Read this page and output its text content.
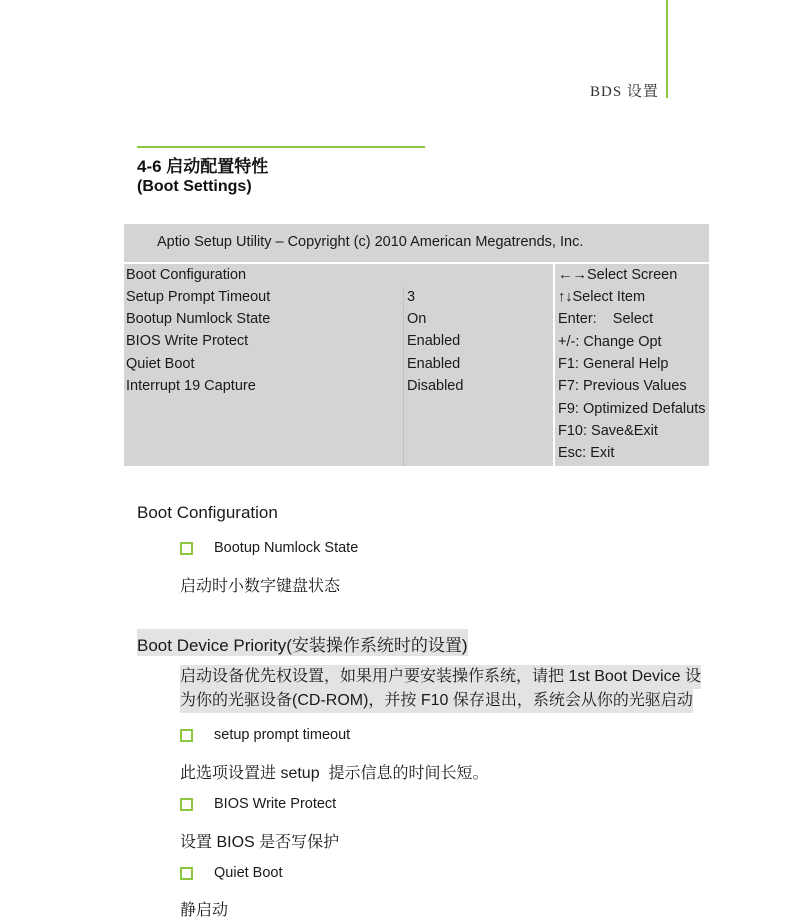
BDS 设置
4-6 启动配置特性
(Boot Settings)
Aptio Setup Utility – Copyright (c) 2010 American Megatrends, Inc.
Boot Configuration
Setup Prompt Timeout	3
Bootup Numlock State	On
BIOS Write Protect	Enabled
Quiet Boot	Enabled
Interrupt 19 Capture	Disabled
←→Select Screen
↑↓Select Item
Enter:    Select
+/-: Change Opt
F1: General Help
F7: Previous Values
F9: Optimized Defaluts
F10: Save&Exit
Esc: Exit
Boot Configuration
Bootup Numlock State
启动时小数字键盘状态
Boot Device Priority(安装操作系统时的设置)
启动设备优先权设置，如果用户要安装操作系统，请把 1st Boot Device 设
为你的光驱设备(CD-ROM)，并按 F10 保存退出，系统会从你的光驱启动
setup prompt timeout
此选项设置进 setup  提示信息的时间长短。
BIOS Write Protect
设置 BIOS 是否写保护
Quiet Boot
静启动
